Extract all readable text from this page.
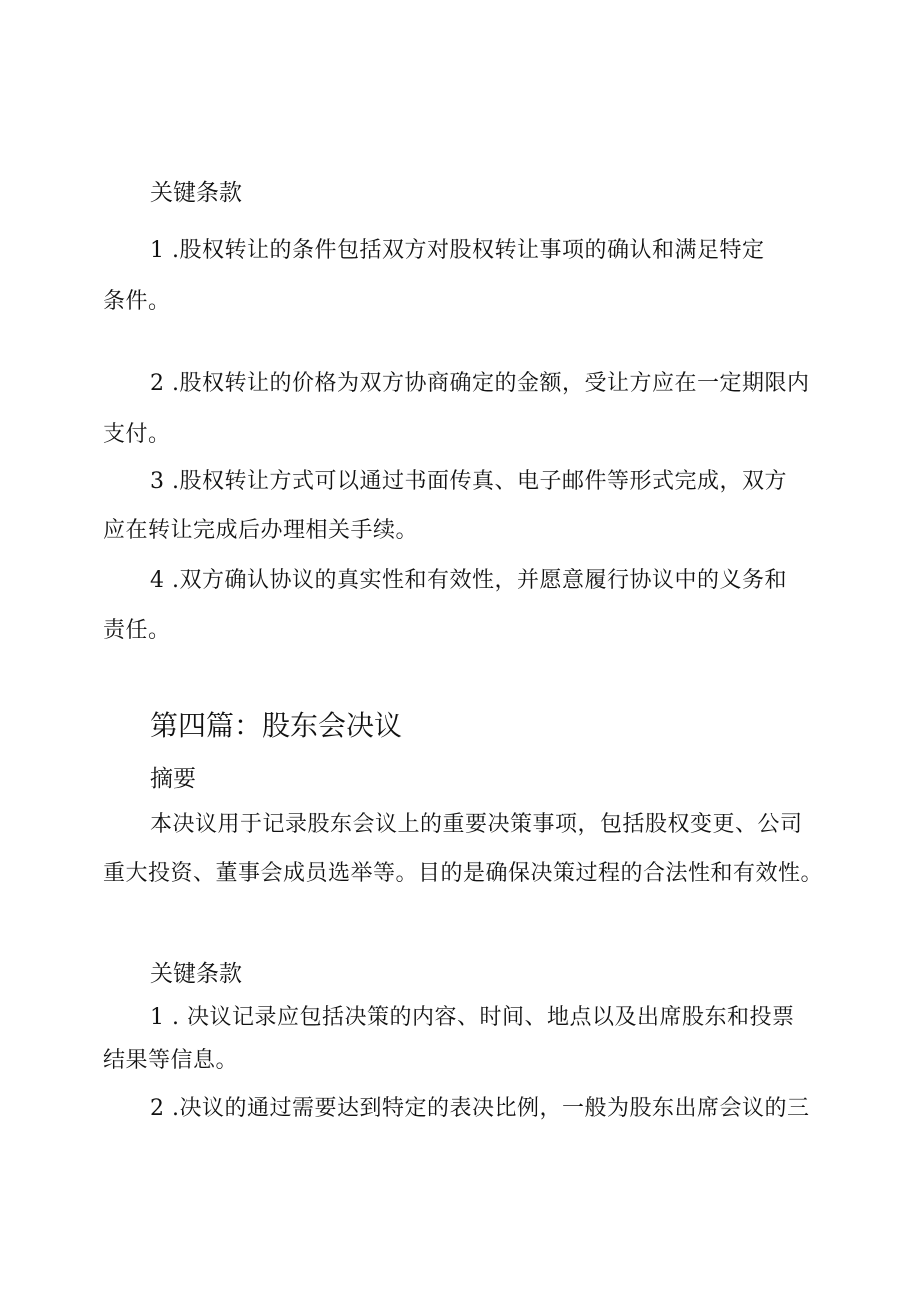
关键条款
1 .股权转让的条件包括双方对股权转让事项的确认和满足特定
条件。
2 .股权转让的价格为双方协商确定的金额，受让方应在一定期限内
支付。
3 .股权转让方式可以通过书面传真、电子邮件等形式完成，双方
应在转让完成后办理相关手续。
4 .双方确认协议的真实性和有效性，并愿意履行协议中的义务和
责任。
第四篇：股东会决议
摘要
本决议用于记录股东会议上的重要决策事项，包括股权变更、公司
重大投资、董事会成员选举等。目的是确保决策过程的合法性和有效性。
关键条款
1 . 决议记录应包括决策的内容、时间、地点以及出席股东和投票
结果等信息。
2 .决议的通过需要达到特定的表决比例，一般为股东出席会议的三
